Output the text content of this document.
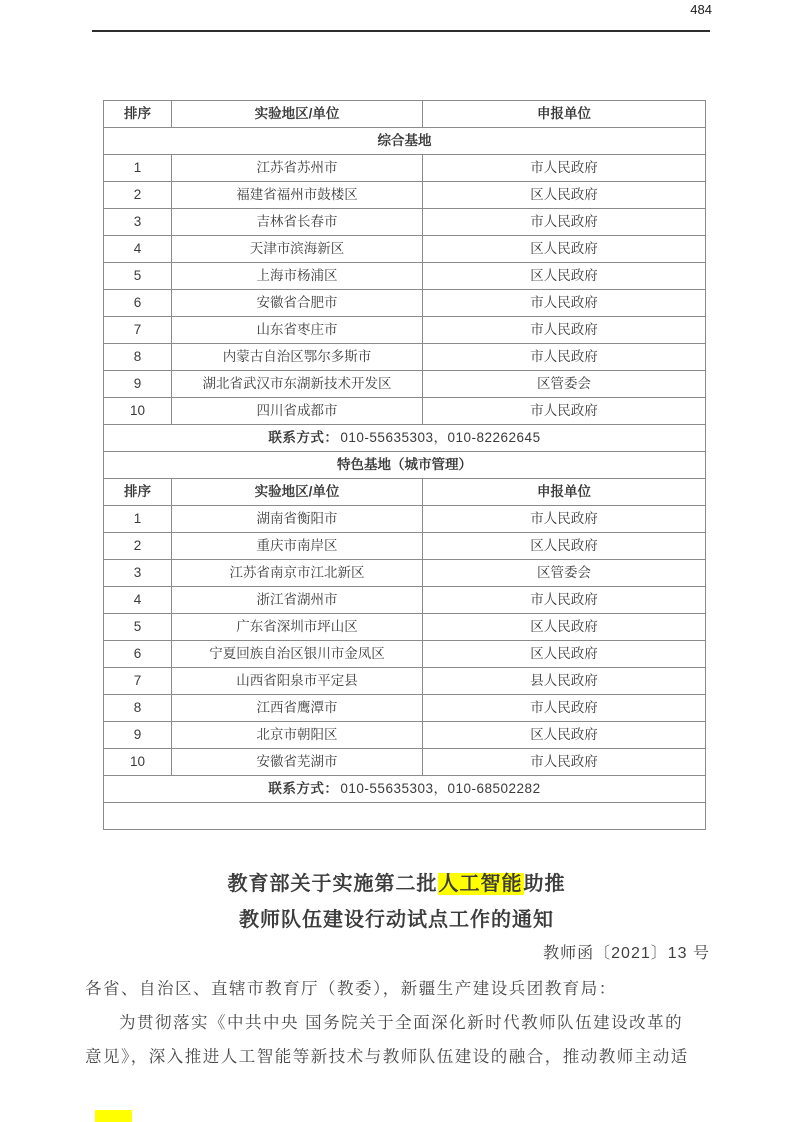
484
排序	实验地区/单位	申报单位
综合基地		
1	江苏省苏州市	市人民政府
2	福建省福州市鼓楼区	区人民政府
3	吉林省长春市	市人民政府
4	天津市滨海新区	区人民政府
5	上海市杨浦区	区人民政府
6	安徽省合肥市	市人民政府
7	山东省枣庄市	市人民政府
8	内蒙古自治区鄂尔多斯市	市人民政府
9	湖北省武汉市东湖新技术开发区	区管委会
10	四川省成都市	市人民政府
联系方式： 010-55635303，010-82262645		
特色基地（城市管理）		
排序	实验地区/单位	申报单位
1	湖南省衡阳市	市人民政府
2	重庆市南岸区	区人民政府
3	江苏省南京市江北新区	区管委会
4	浙江省湖州市	市人民政府
5	广东省深圳市坪山区	区人民政府
6	宁夏回族自治区银川市金凤区	区人民政府
7	山西省阳泉市平定县	县人民政府
8	江西省鹰潭市	市人民政府
9	北京市朝阳区	区人民政府
10	安徽省芜湖市	市人民政府
联系方式： 010-55635303，010-68502282		

教育部关于实施第二批人工智能助推
教师队伍建设行动试点工作的通知
教师函〔2021〕13 号
各省、自治区、直辖市教育厅（教委），新疆生产建设兵团教育局：
为贯彻落实《中共中央 国务院关于全面深化新时代教师队伍建设改革的
意见》，深入推进人工智能等新技术与教师队伍建设的融合，推动教师主动适
